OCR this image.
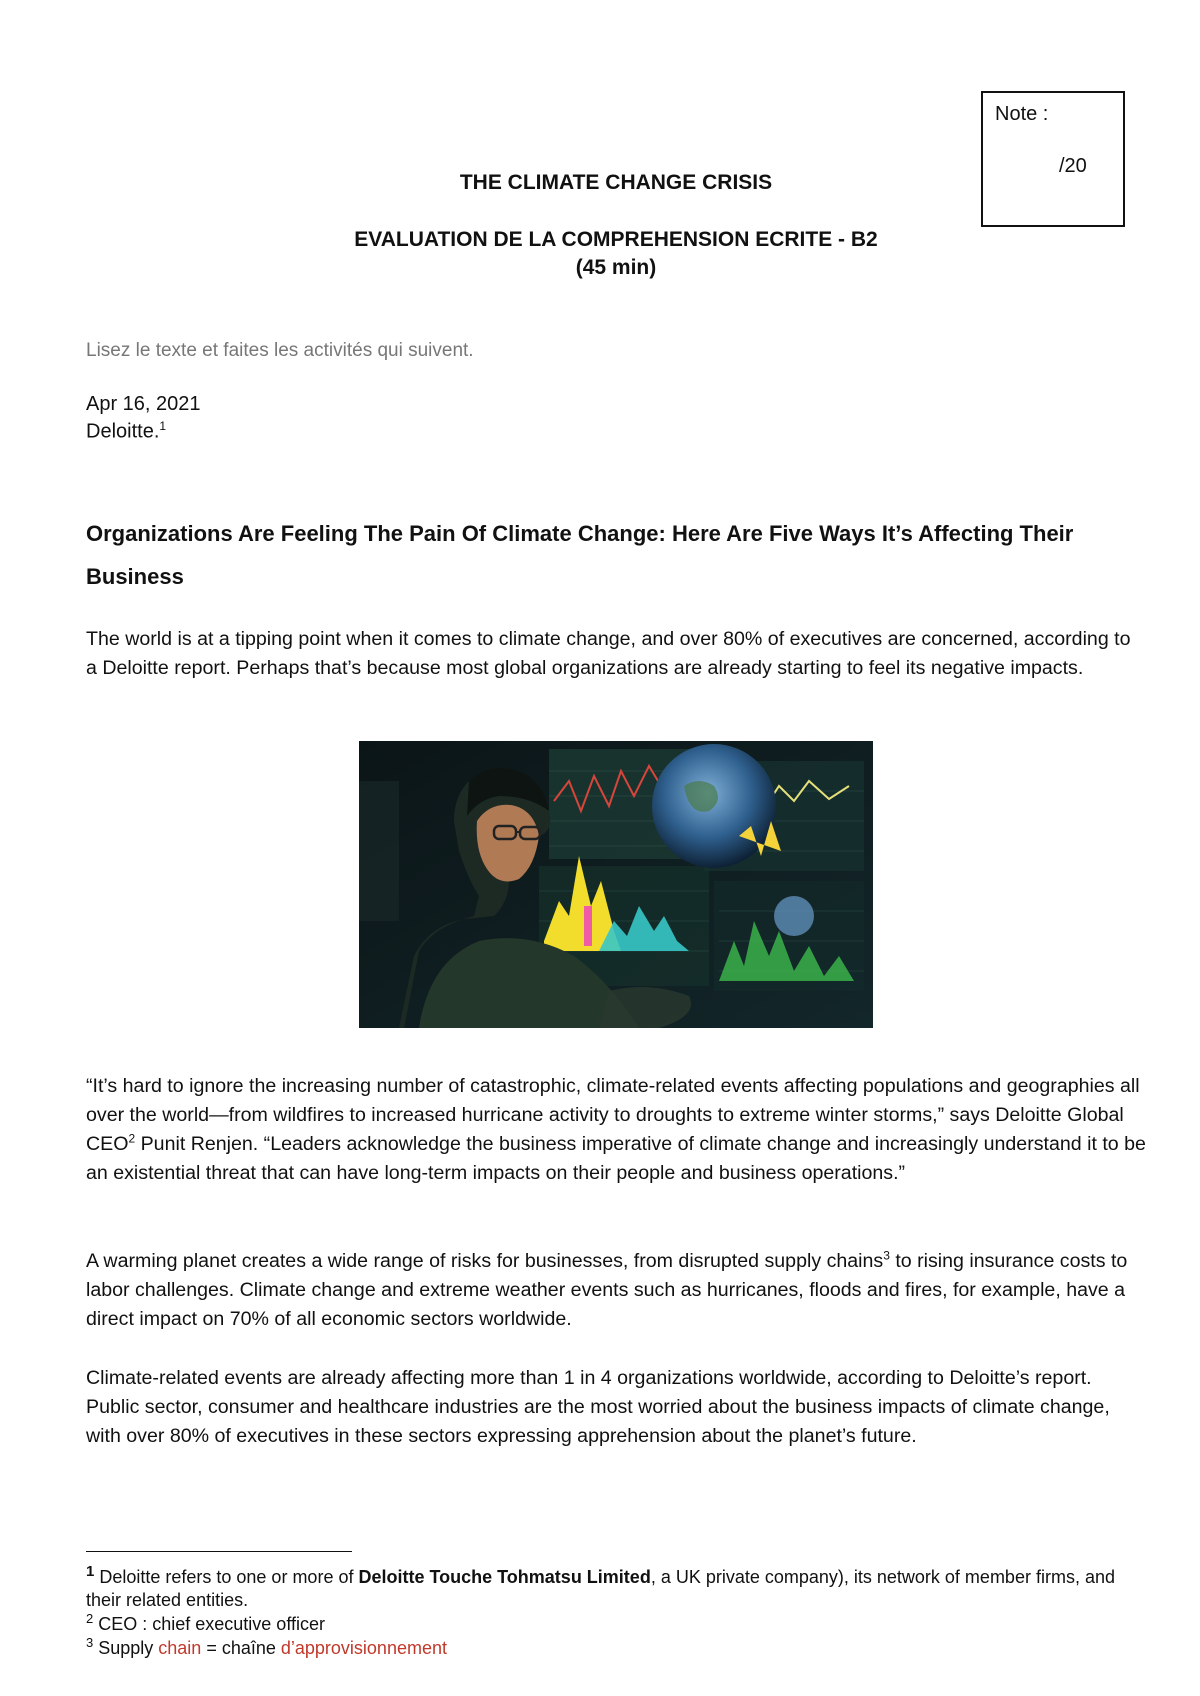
Note :
/20
THE CLIMATE CHANGE CRISIS
EVALUATION DE LA COMPREHENSION ECRITE - B2
(45 min)
Lisez le texte et faites les activités qui suivent.
Apr 16, 2021
Deloitte.$^1$
Organizations Are Feeling The Pain Of Climate Change: Here Are Five Ways It’s Affecting Their Business

The world is at a tipping point when it comes to climate change, and over 80% of executives are concerned, according to a Deloitte report. Perhaps that’s because most global organizations are already starting to feel its negative impacts.

“It’s hard to ignore the increasing number of catastrophic, climate-related events affecting populations and geographies all over the world—from wildfires to increased hurricane activity to droughts to extreme winter storms,” says Deloitte Global CEO$^2$ Punit Renjen. “Leaders acknowledge the business imperative of climate change and increasingly understand it to be an existential threat that can have long-term impacts on their people and business operations.”

A warming planet creates a wide range of risks for businesses, from disrupted supply chains$^3$ to rising insurance costs to labor challenges. Climate change and extreme weather events such as hurricanes, floods and fires, for example, have a direct impact on 70% of all economic sectors worldwide.

Climate-related events are already affecting more than 1 in 4 organizations worldwide, according to Deloitte’s report. Public sector, consumer and healthcare industries are the most worried about the business impacts of climate change, with over 80% of executives in these sectors expressing apprehension about the planet’s future.

$^1$ Deloitte refers to one or more of Deloitte Touche Tohmatsu Limited, a UK private company), its network of member firms, and their related entities.
$^2$ CEO : chief executive officer
$^3$ Supply chain = chaîne d’approvisionnement
